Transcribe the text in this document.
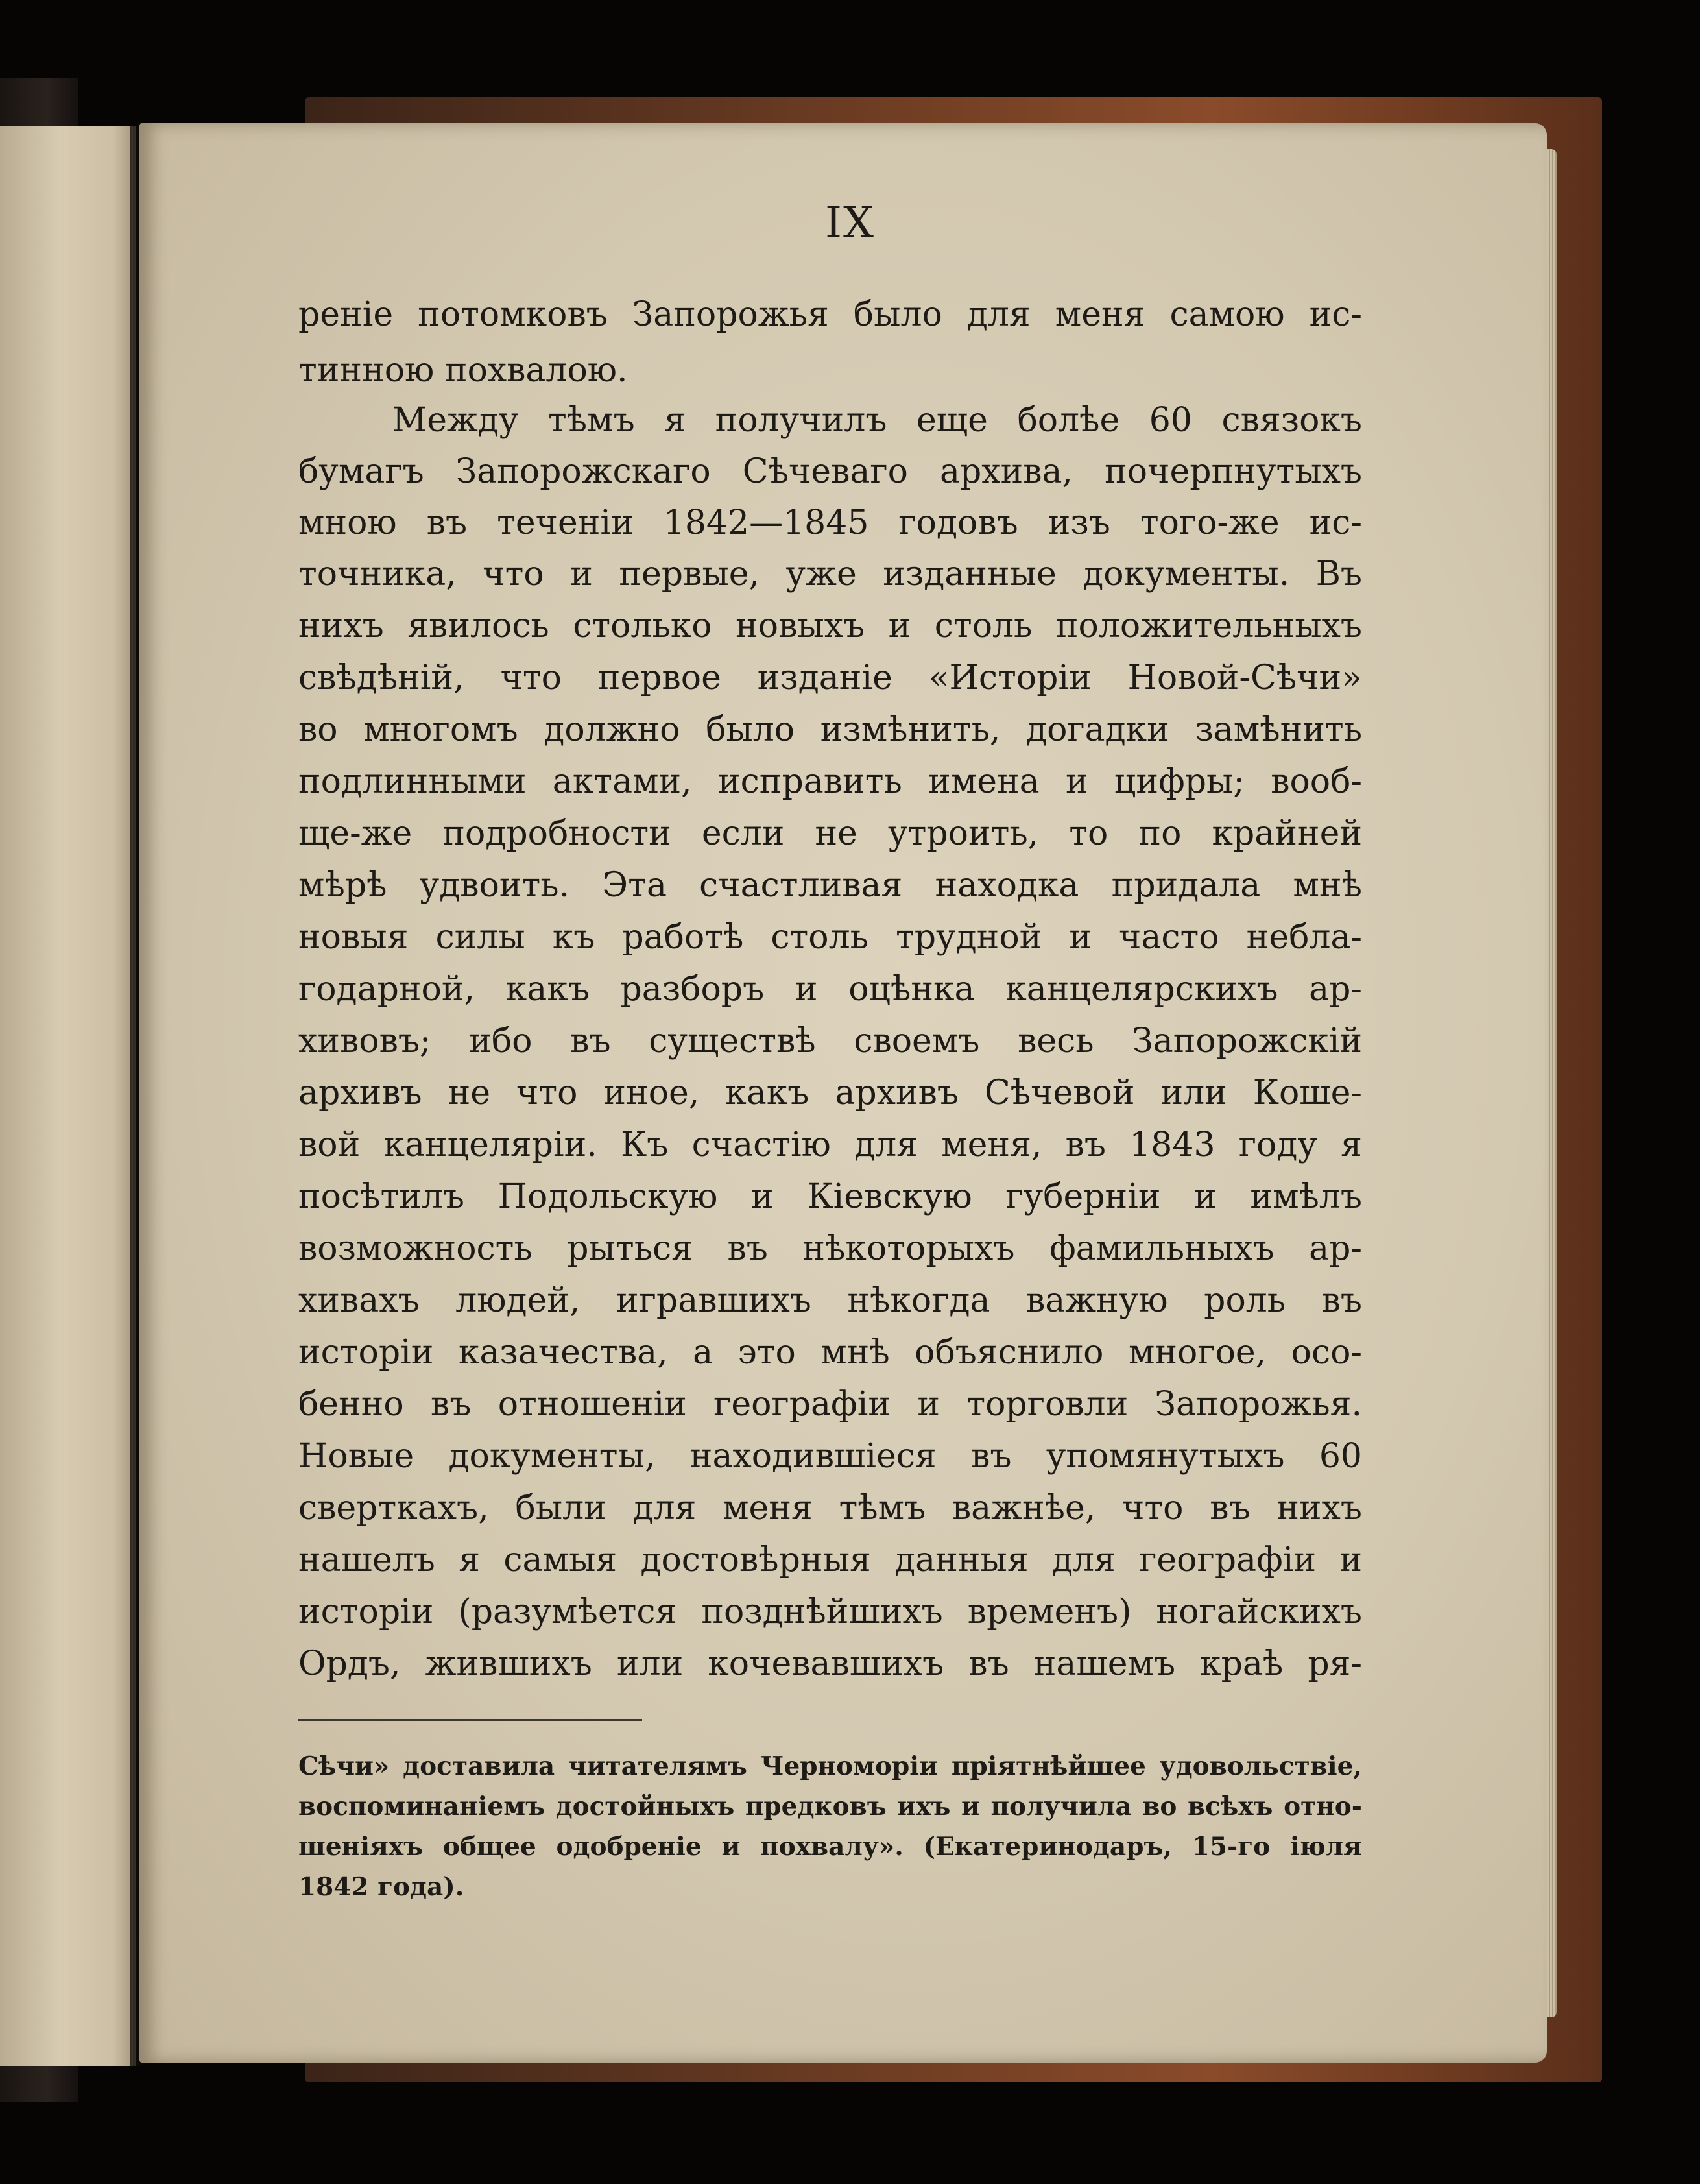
IX
реніе потомковъ Запорожья было для меня самою ис-
тинною похвалою.
Между тѣмъ я получилъ еще болѣе 60 связокъ
бумагъ Запорожскаго Сѣчеваго архива, почерпнутыхъ
мною въ теченіи 1842—1845 годовъ изъ того-же ис-
точника, что и первые, уже изданные документы. Въ
нихъ явилось столько новыхъ и столь положительныхъ
свѣдѣній, что первое изданіе «Исторіи Новой-Сѣчи»
во многомъ должно было измѣнить, догадки замѣнить
подлинными актами, исправить имена и цифры; вооб-
ще-же подробности если не утроить, то по крайней
мѣрѣ удвоить. Эта счастливая находка придала мнѣ
новыя силы къ работѣ столь трудной и часто небла-
годарной, какъ разборъ и оцѣнка канцелярскихъ ар-
хивовъ; ибо въ существѣ своемъ весь Запорожскій
архивъ не что иное, какъ архивъ Сѣчевой или Коше-
вой канцеляріи. Къ счастію для меня, въ 1843 году я
посѣтилъ Подольскую и Кіевскую губерніи и имѣлъ
возможность рыться въ нѣкоторыхъ фамильныхъ ар-
хивахъ людей, игравшихъ нѣкогда важную роль въ
исторіи казачества, а это мнѣ объяснило многое, осо-
бенно въ отношеніи географіи и торговли Запорожья.
Новые документы, находившіеся въ упомянутыхъ 60
сверткахъ, были для меня тѣмъ важнѣе, что въ нихъ
нашелъ я самыя достовѣрныя данныя для географіи и
исторіи (разумѣется позднѣйшихъ временъ) ногайскихъ
Ордъ, жившихъ или кочевавшихъ въ нашемъ краѣ ря-
Сѣчи» доставила читателямъ Черноморіи пріятнѣйшее удовольствіе,
воспоминаніемъ достойныхъ предковъ ихъ и получила во всѣхъ отно-
шеніяхъ общее одобреніе и похвалу». (Екатеринодаръ, 15-го іюля
1842 года).
